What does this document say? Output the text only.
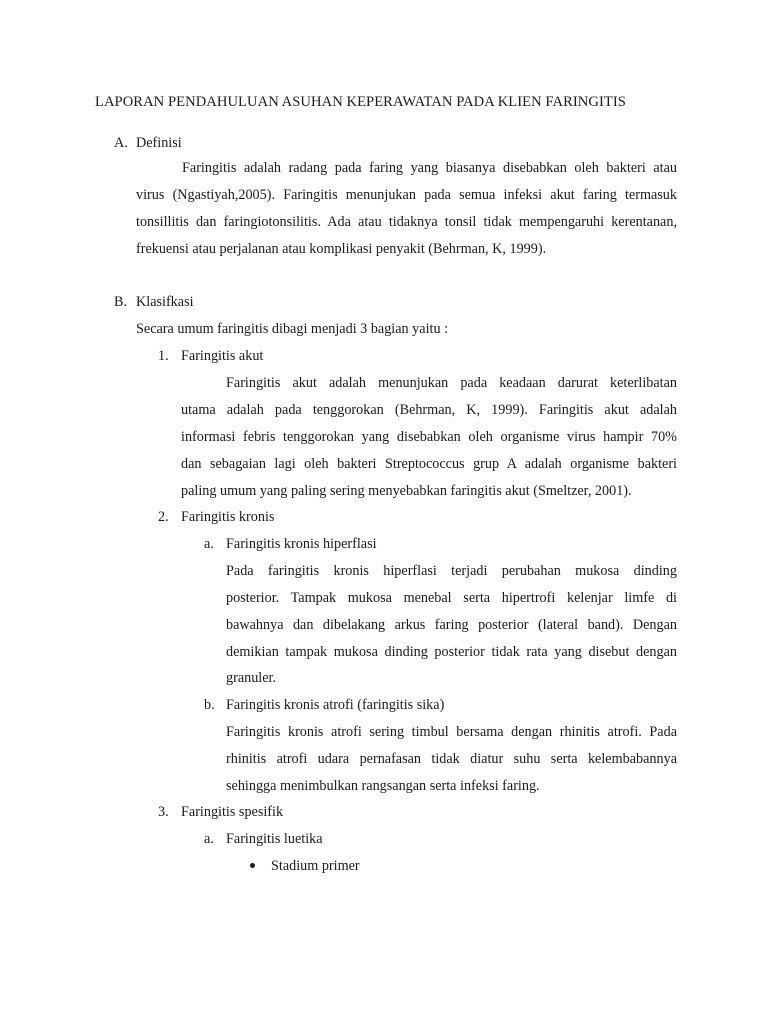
LAPORAN PENDAHULUAN ASUHAN KEPERAWATAN PADA KLIEN FARINGITIS
A. Definisi
Faringitis adalah radang pada faring yang biasanya disebabkan oleh bakteri atau
virus (Ngastiyah,2005). Faringitis menunjukan pada semua infeksi akut faring termasuk
tonsillitis dan faringiotonsilitis. Ada atau tidaknya tonsil tidak mempengaruhi kerentanan,
frekuensi atau perjalanan atau komplikasi penyakit (Behrman, K, 1999).
B. Klasifkasi
Secara umum faringitis dibagi menjadi 3 bagian yaitu :
1. Faringitis akut
Faringitis akut adalah menunjukan pada keadaan darurat keterlibatan
utama adalah pada tenggorokan (Behrman, K, 1999). Faringitis akut adalah
informasi febris tenggorokan yang disebabkan oleh organisme virus hampir 70%
dan sebagaian lagi oleh bakteri Streptococcus grup A adalah organisme bakteri
paling umum yang paling sering menyebabkan faringitis akut (Smeltzer, 2001).
2. Faringitis kronis
a. Faringitis kronis hiperflasi
Pada faringitis kronis hiperflasi terjadi perubahan mukosa dinding
posterior. Tampak mukosa menebal serta hipertrofi kelenjar limfe di
bawahnya dan dibelakang arkus faring posterior (lateral band). Dengan
demikian tampak mukosa dinding posterior tidak rata yang disebut dengan
granuler.
b. Faringitis kronis atrofi (faringitis sika)
Faringitis kronis atrofi sering timbul bersama dengan rhinitis atrofi. Pada
rhinitis atrofi udara pernafasan tidak diatur suhu serta kelembabannya
sehingga menimbulkan rangsangan serta infeksi faring.
3. Faringitis spesifik
a. Faringitis luetika
Stadium primer
